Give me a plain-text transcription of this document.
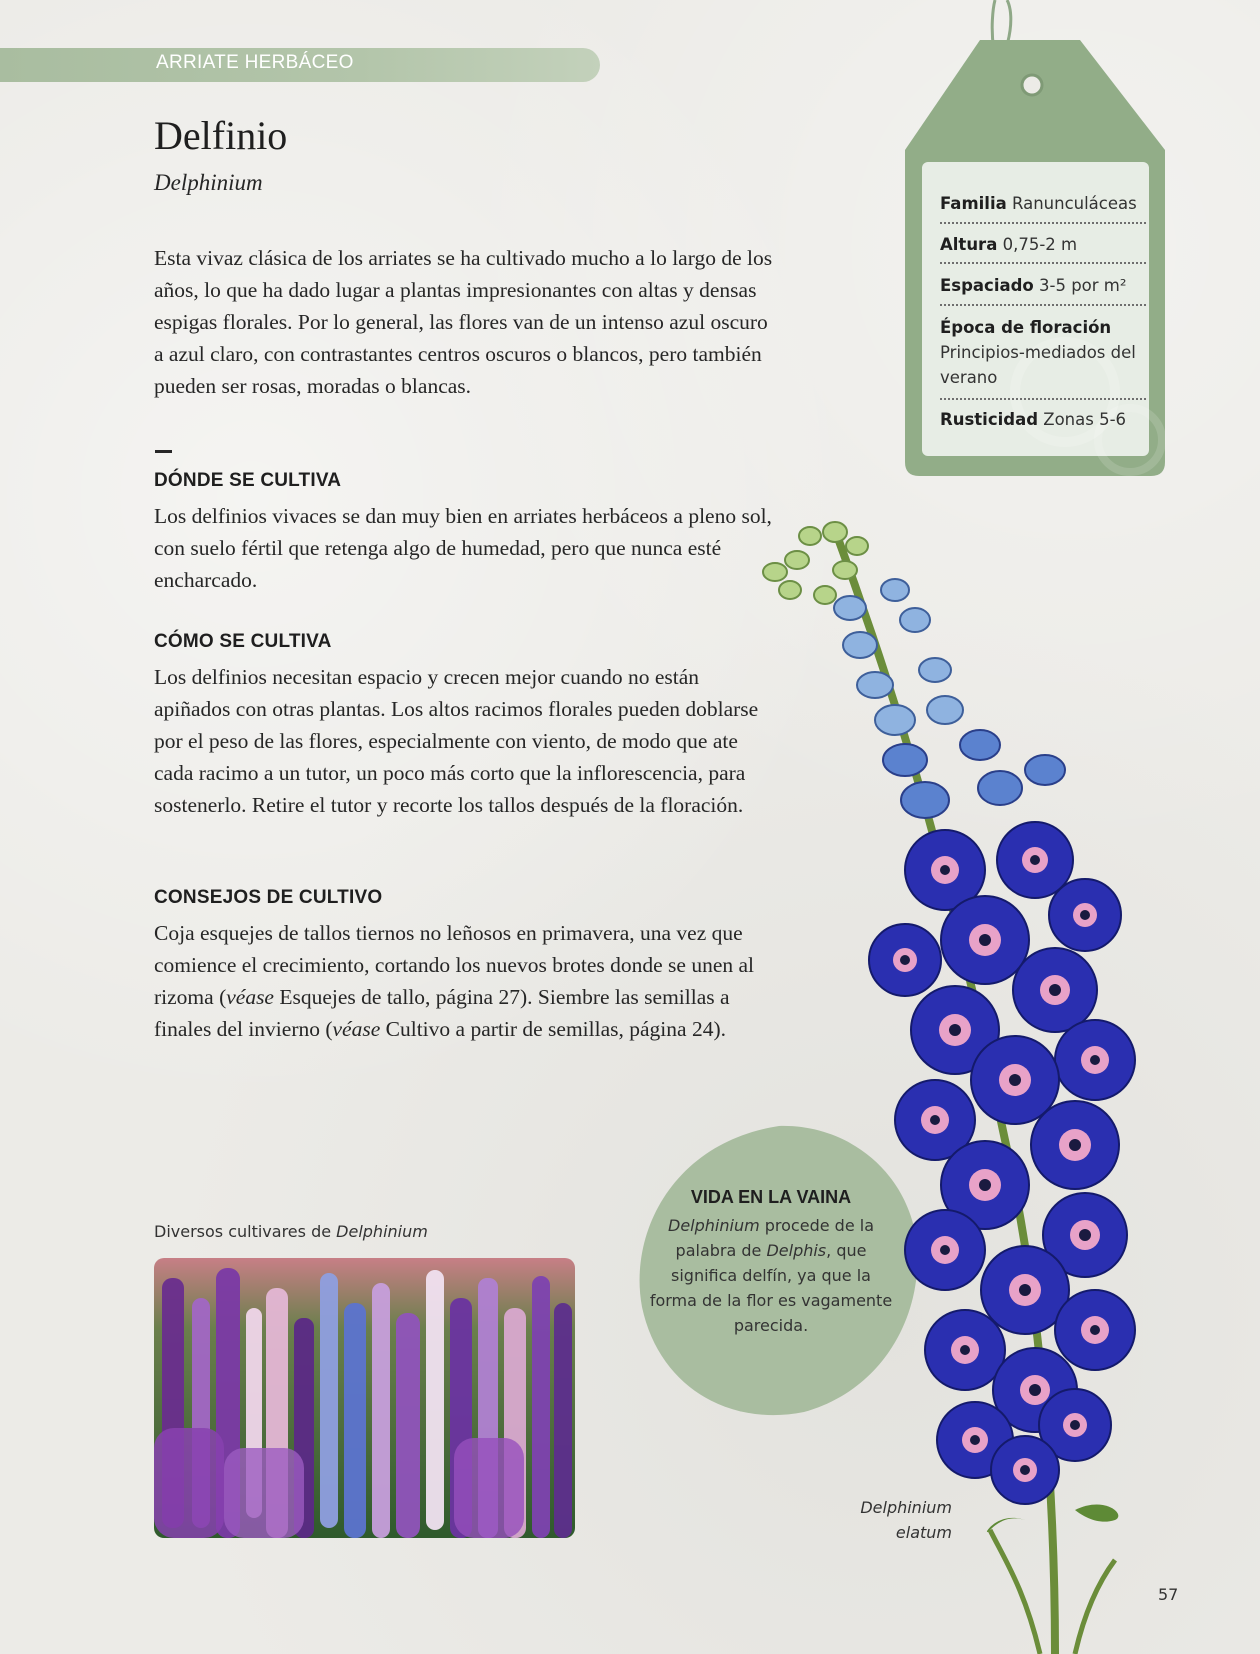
ARRIATE HERBÁCEO
Delfinio
Delphinium

Esta vivaz clásica de los arriates se ha cultivado mucho a lo largo de los años, lo que ha dado lugar a plantas impresionantes con altas y densas espigas florales. Por lo general, las flores van de un intenso azul oscuro a azul claro, con contrastantes centros oscuros o blancos, pero también pueden ser rosas, moradas o blancas.

DÓNDE SE CULTIVA

Los delfinios vivaces se dan muy bien en arriates herbáceos a pleno sol, con suelo fértil que retenga algo de humedad, pero que nunca esté encharcado.

CÓMO SE CULTIVA

Los delfinios necesitan espacio y crecen mejor cuando no están apiñados con otras plantas. Los altos racimos florales pueden doblarse por el peso de las flores, especialmente con viento, de modo que ate cada racimo a un tutor, un poco más corto que la inflorescencia, para sostenerlo. Retire el tutor y recorte los tallos después de la floración.

CONSEJOS DE CULTIVO

Coja esquejes de tallos tiernos no leñosos en primavera, una vez que comience el crecimiento, cortando los nuevos brotes donde se unen al rizoma (véase Esquejes de tallo, página 27). Siembre las semillas a finales del invierno (véase Cultivo a partir de semillas, página 24).

Familia Ranunculáceas
Altura 0,75-2 m
Espaciado 3-5 por m²
Época de floración
Principios-mediados del verano
Rusticidad Zonas 5-6
Diversos cultivares de Delphinium
VIDA EN LA VAINA
Delphinium procede de la palabra de Delphis, que significa delfín, ya que la forma de la flor es vagamente parecida.
Delphinium
elatum
57
